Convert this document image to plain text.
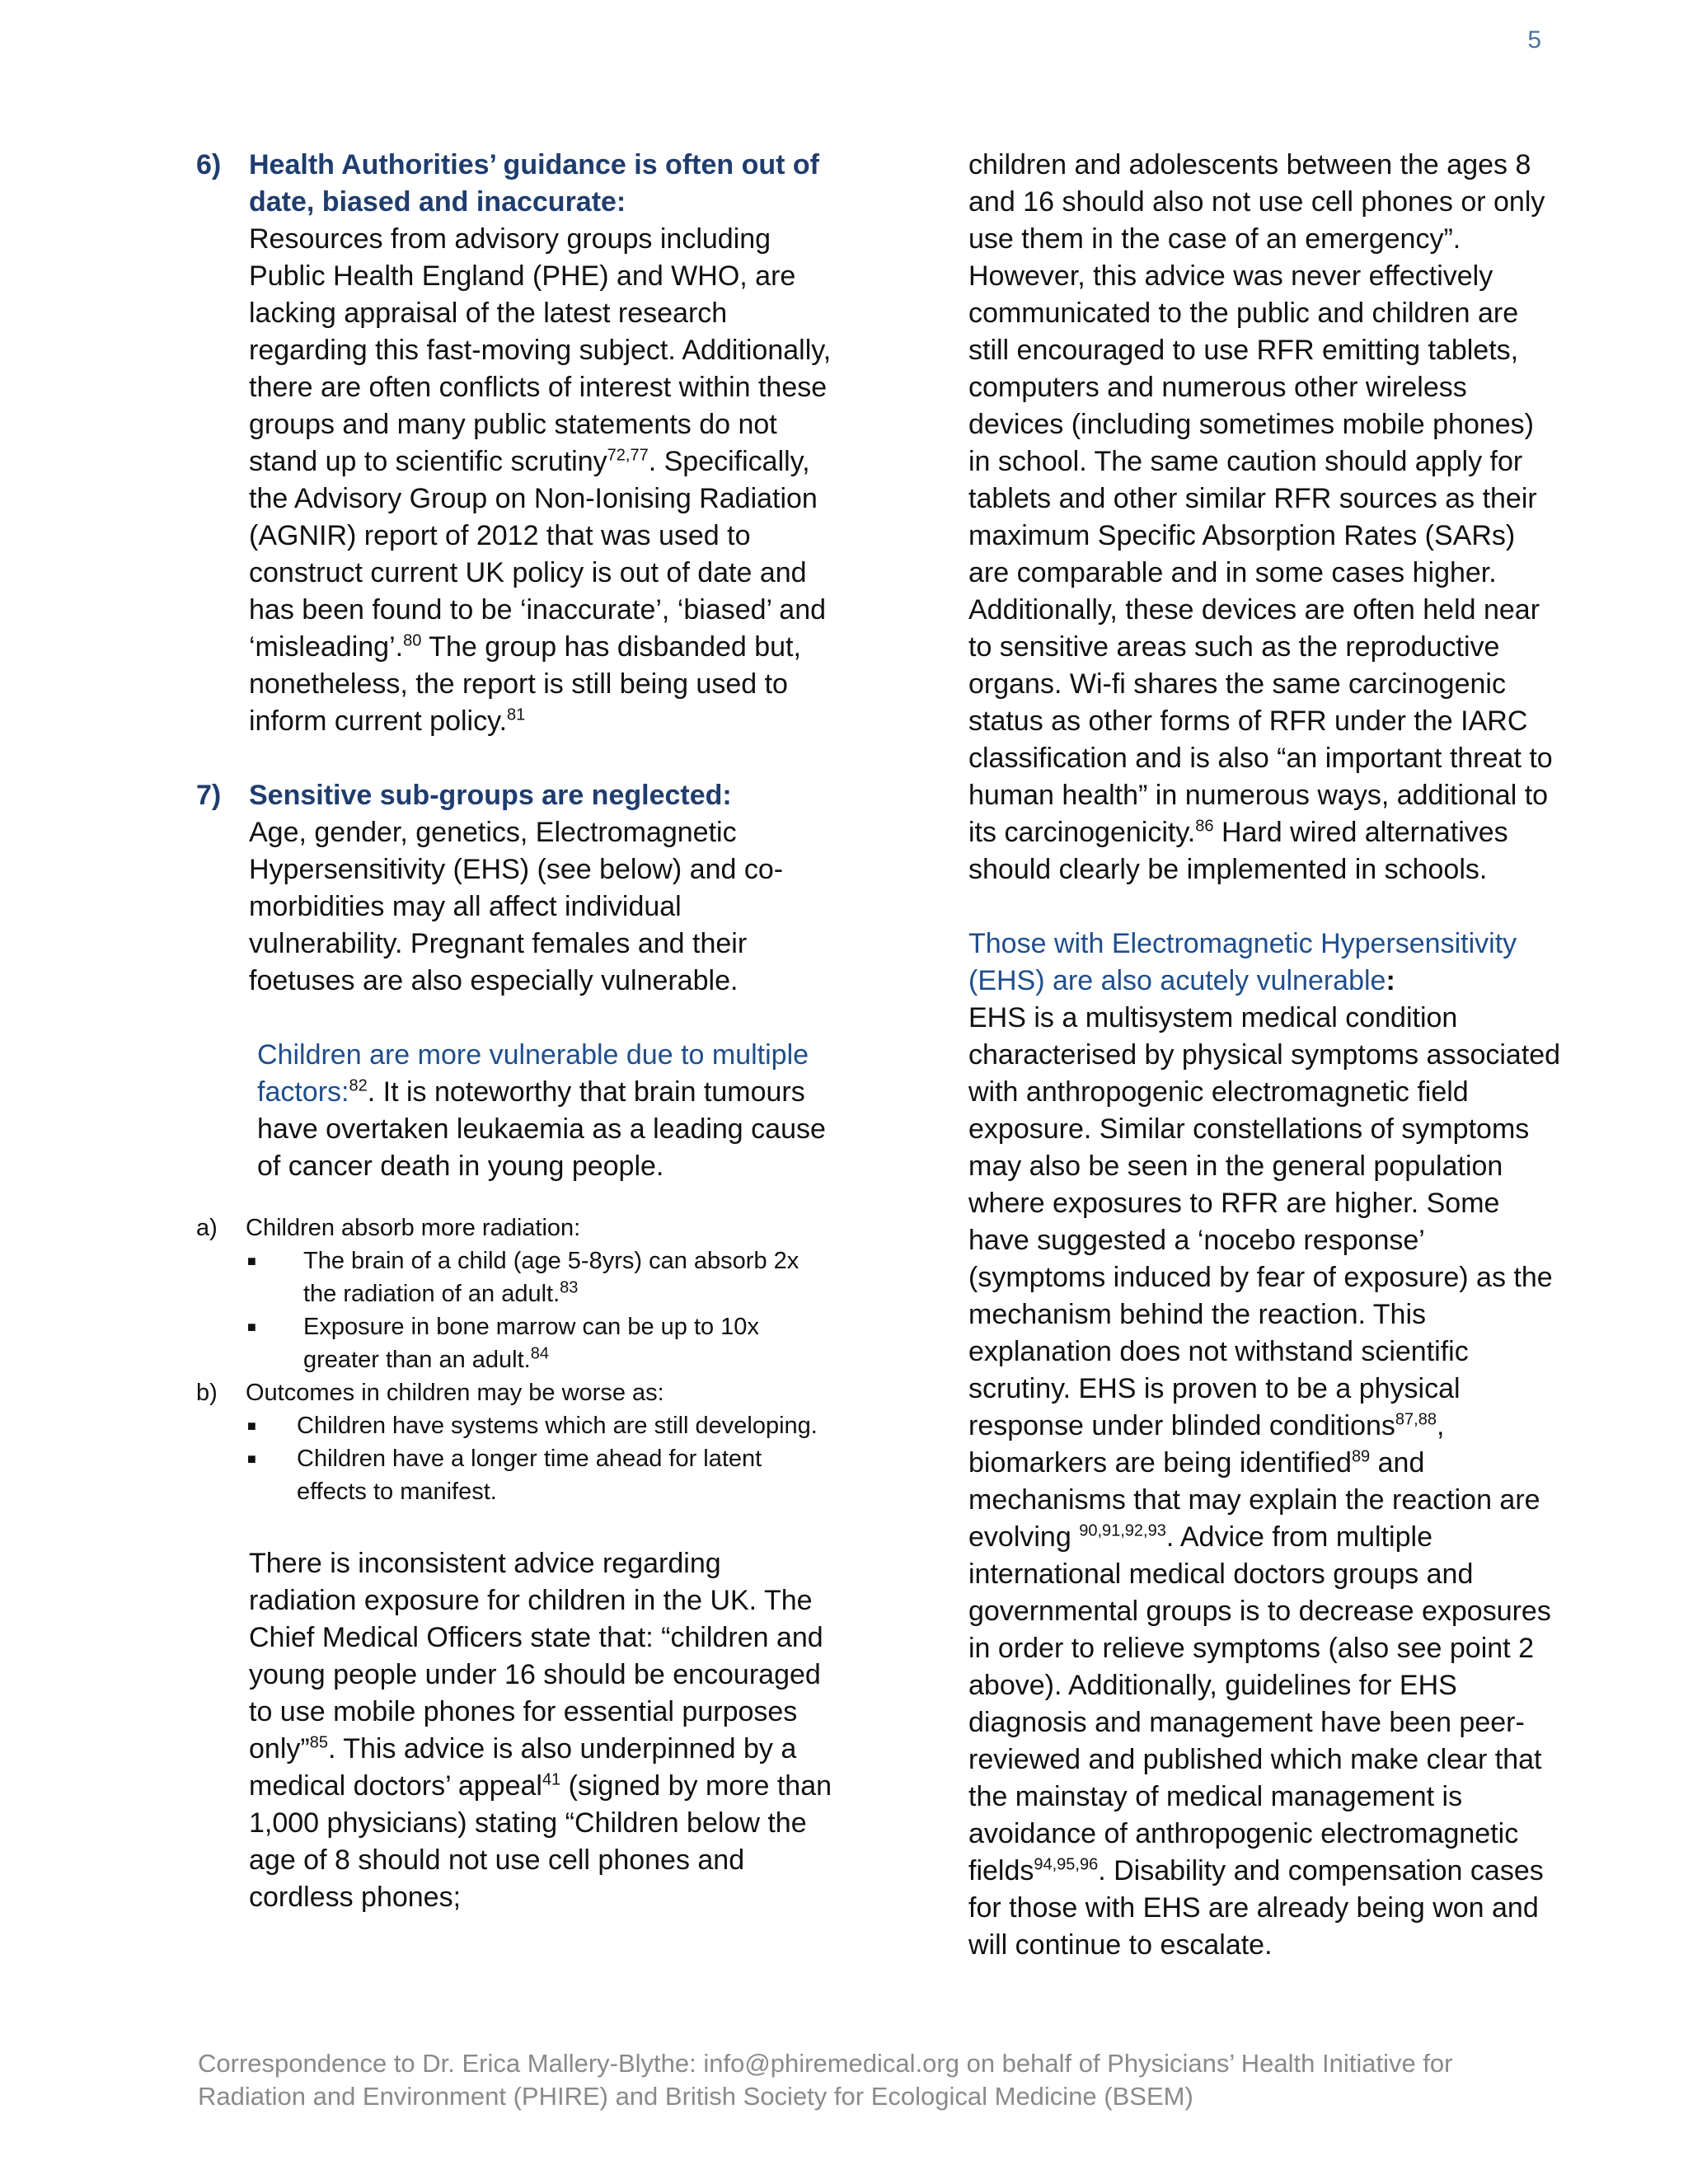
5
6) Health Authorities’ guidance is often out of date, biased and inaccurate:

Resources from advisory groups including Public Health England (PHE) and WHO, are lacking appraisal of the latest research regarding this fast-moving subject. Additionally, there are often conflicts of interest within these groups and many public statements do not stand up to scientific scrutiny$^{72,77}$. Specifically, the Advisory Group on Non-Ionising Radiation (AGNIR) report of 2012 that was used to construct current UK policy is out of date and has been found to be ‘inaccurate’, ‘biased’ and ‘misleading’.$^{80}$ The group has disbanded but, nonetheless, the report is still being used to inform current policy.$^{81}$

7) Sensitive sub-groups are neglected:

Age, gender, genetics, Electromagnetic Hypersensitivity (EHS) (see below) and co-morbidities may all affect individual vulnerability. Pregnant females and their foetuses are also especially vulnerable.

Children are more vulnerable due to multiple factors:$^{82}$. It is noteworthy that brain tumours have overtaken leukaemia as a leading cause of cancer death in young people.

a) Children absorb more radiation:
■	The brain of a child (age 5-8yrs) can absorb 2x the radiation of an adult.$^{83}$
■	Exposure in bone marrow can be up to 10x greater than an adult.$^{84}$
b) Outcomes in children may be worse as:
■	Children have systems which are still developing.
■	Children have a longer time ahead for latent effects to manifest.

There is inconsistent advice regarding radiation exposure for children in the UK. The Chief Medical Officers state that: “children and young people under 16 should be encouraged to use mobile phones for essential purposes only”$^{85}$. This advice is also underpinned by a medical doctors’ appeal$^{41}$ (signed by more than 1,000 physicians) stating “Children below the age of 8 should not use cell phones and cordless phones;

children and adolescents between the ages 8 and 16 should also not use cell phones or only use them in the case of an emergency”. However, this advice was never effectively communicated to the public and children are still encouraged to use RFR emitting tablets, computers and numerous other wireless devices (including sometimes mobile phones) in school. The same caution should apply for tablets and other similar RFR sources as their maximum Specific Absorption Rates (SARs) are comparable and in some cases higher. Additionally, these devices are often held near to sensitive areas such as the reproductive organs. Wi-fi shares the same carcinogenic status as other forms of RFR under the IARC classification and is also “an important threat to human health” in numerous ways, additional to its carcinogenicity.$^{86}$ Hard wired alternatives should clearly be implemented in schools.

Those with Electromagnetic Hypersensitivity (EHS) are also acutely vulnerable:

EHS is a multisystem medical condition characterised by physical symptoms associated with anthropogenic electromagnetic field exposure. Similar constellations of symptoms may also be seen in the general population where exposures to RFR are higher. Some have suggested a ‘nocebo response’ (symptoms induced by fear of exposure) as the mechanism behind the reaction. This explanation does not withstand scientific scrutiny. EHS is proven to be a physical response under blinded conditions$^{87,88}$, biomarkers are being identified$^{89}$ and mechanisms that may explain the reaction are evolving $^{90,91,92,93}$. Advice from multiple international medical doctors groups and governmental groups is to decrease exposures in order to relieve symptoms (also see point 2 above). Additionally, guidelines for EHS diagnosis and management have been peer-reviewed and published which make clear that the mainstay of medical management is avoidance of anthropogenic electromagnetic fields$^{94,95,96}$. Disability and compensation cases for those with EHS are already being won and will continue to escalate.

Correspondence to Dr. Erica Mallery-Blythe: info@phiremedical.org on behalf of Physicians’ Health Initiative for Radiation and Environment (PHIRE) and British Society for Ecological Medicine (BSEM)
